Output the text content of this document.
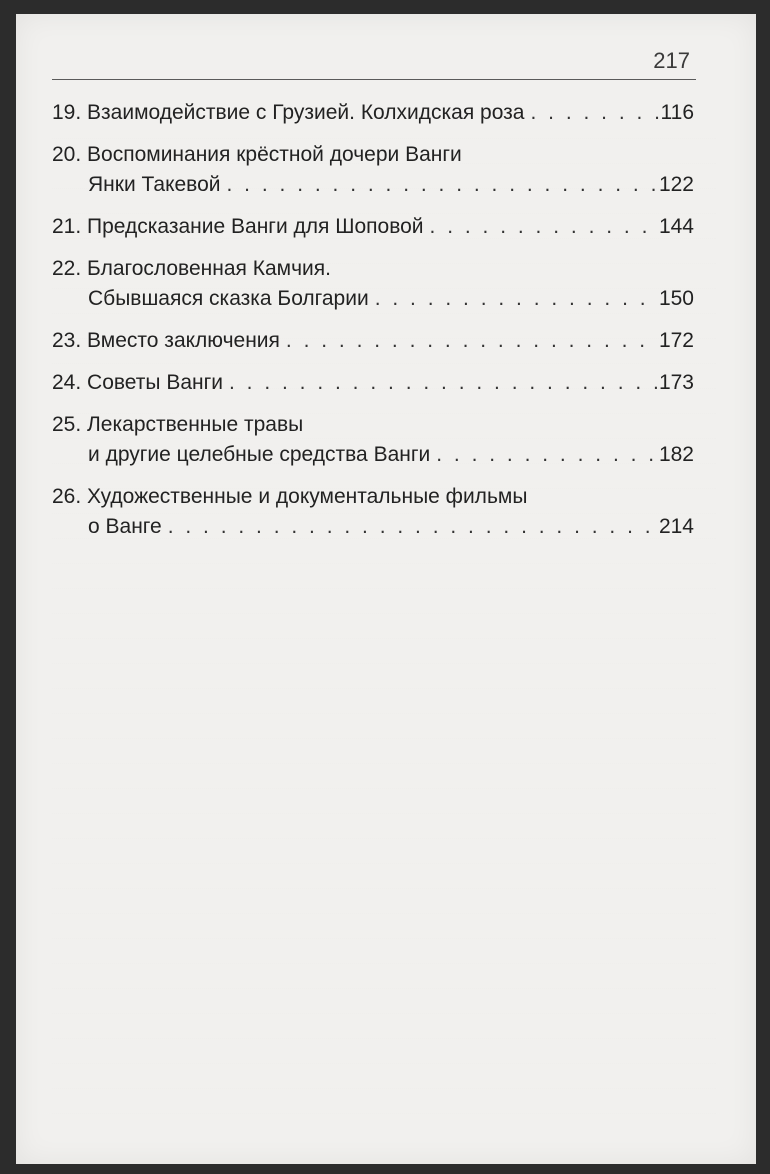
217
19. Взаимодействие с Грузией. Колхидская роза . . .	116
20. Воспоминания крёстной дочери Ванги
Янки Такевой . . .	122
21. Предсказание Ванги для Шоповой . . .	144
22. Благословенная Камчия.
Сбывшаяся сказка Болгарии . . .	150
23. Вместо заключения . . .	172
24. Советы Ванги . . .	173
25. Лекарственные травы
и другие целебные средства Ванги . . .	182
26. Художественные и документальные фильмы
о Ванге . . .	214
